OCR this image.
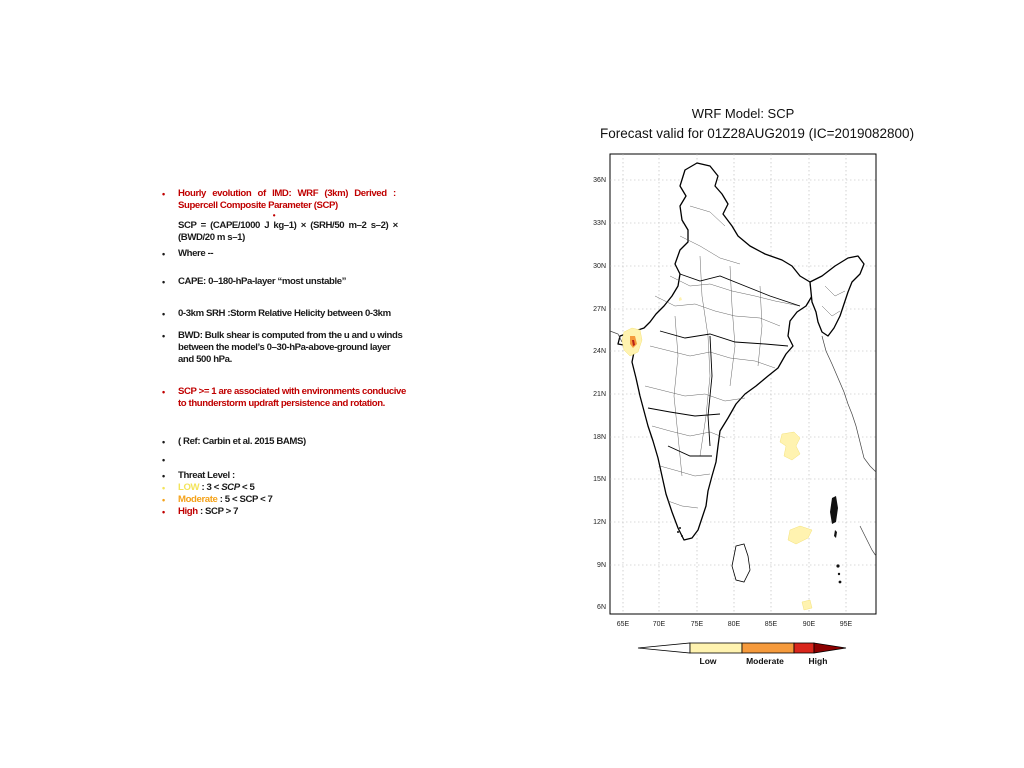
• Hourly evolution of IMD: WRF (3km) Derived :
Supercell Composite Parameter (SCP)
•
SCP = (CAPE/1000 J kg–1) × (SRH/50 m–2 s–2) ×
(BWD/20 m s–1)
• Where --
• CAPE: 0–180-hPa-layer “most unstable”
• 0-3km SRH :Storm Relative Helicity between 0-3km
• BWD: Bulk shear is computed from the u and υ winds
between the model’s 0–30-hPa-above-ground layer
and 500 hPa.
• SCP >= 1 are associated with environments conducive
to thunderstorm updraft persistence and rotation.
• ( Ref: Carbin et al. 2015 BAMS)
•

• Threat Level :
• LOW : 3 < SCP < 5
• Moderate : 5 < SCP < 7
• High : SCP > 7
WRF Model: SCP
Forecast valid for 01Z28AUG2019 (IC=2019082800)
36N
33N
30N
27N
24N
21N
18N
15N
12N
9N
6N
65E	70E	75E	80E	85E	90E	95E
Low	Moderate	High
